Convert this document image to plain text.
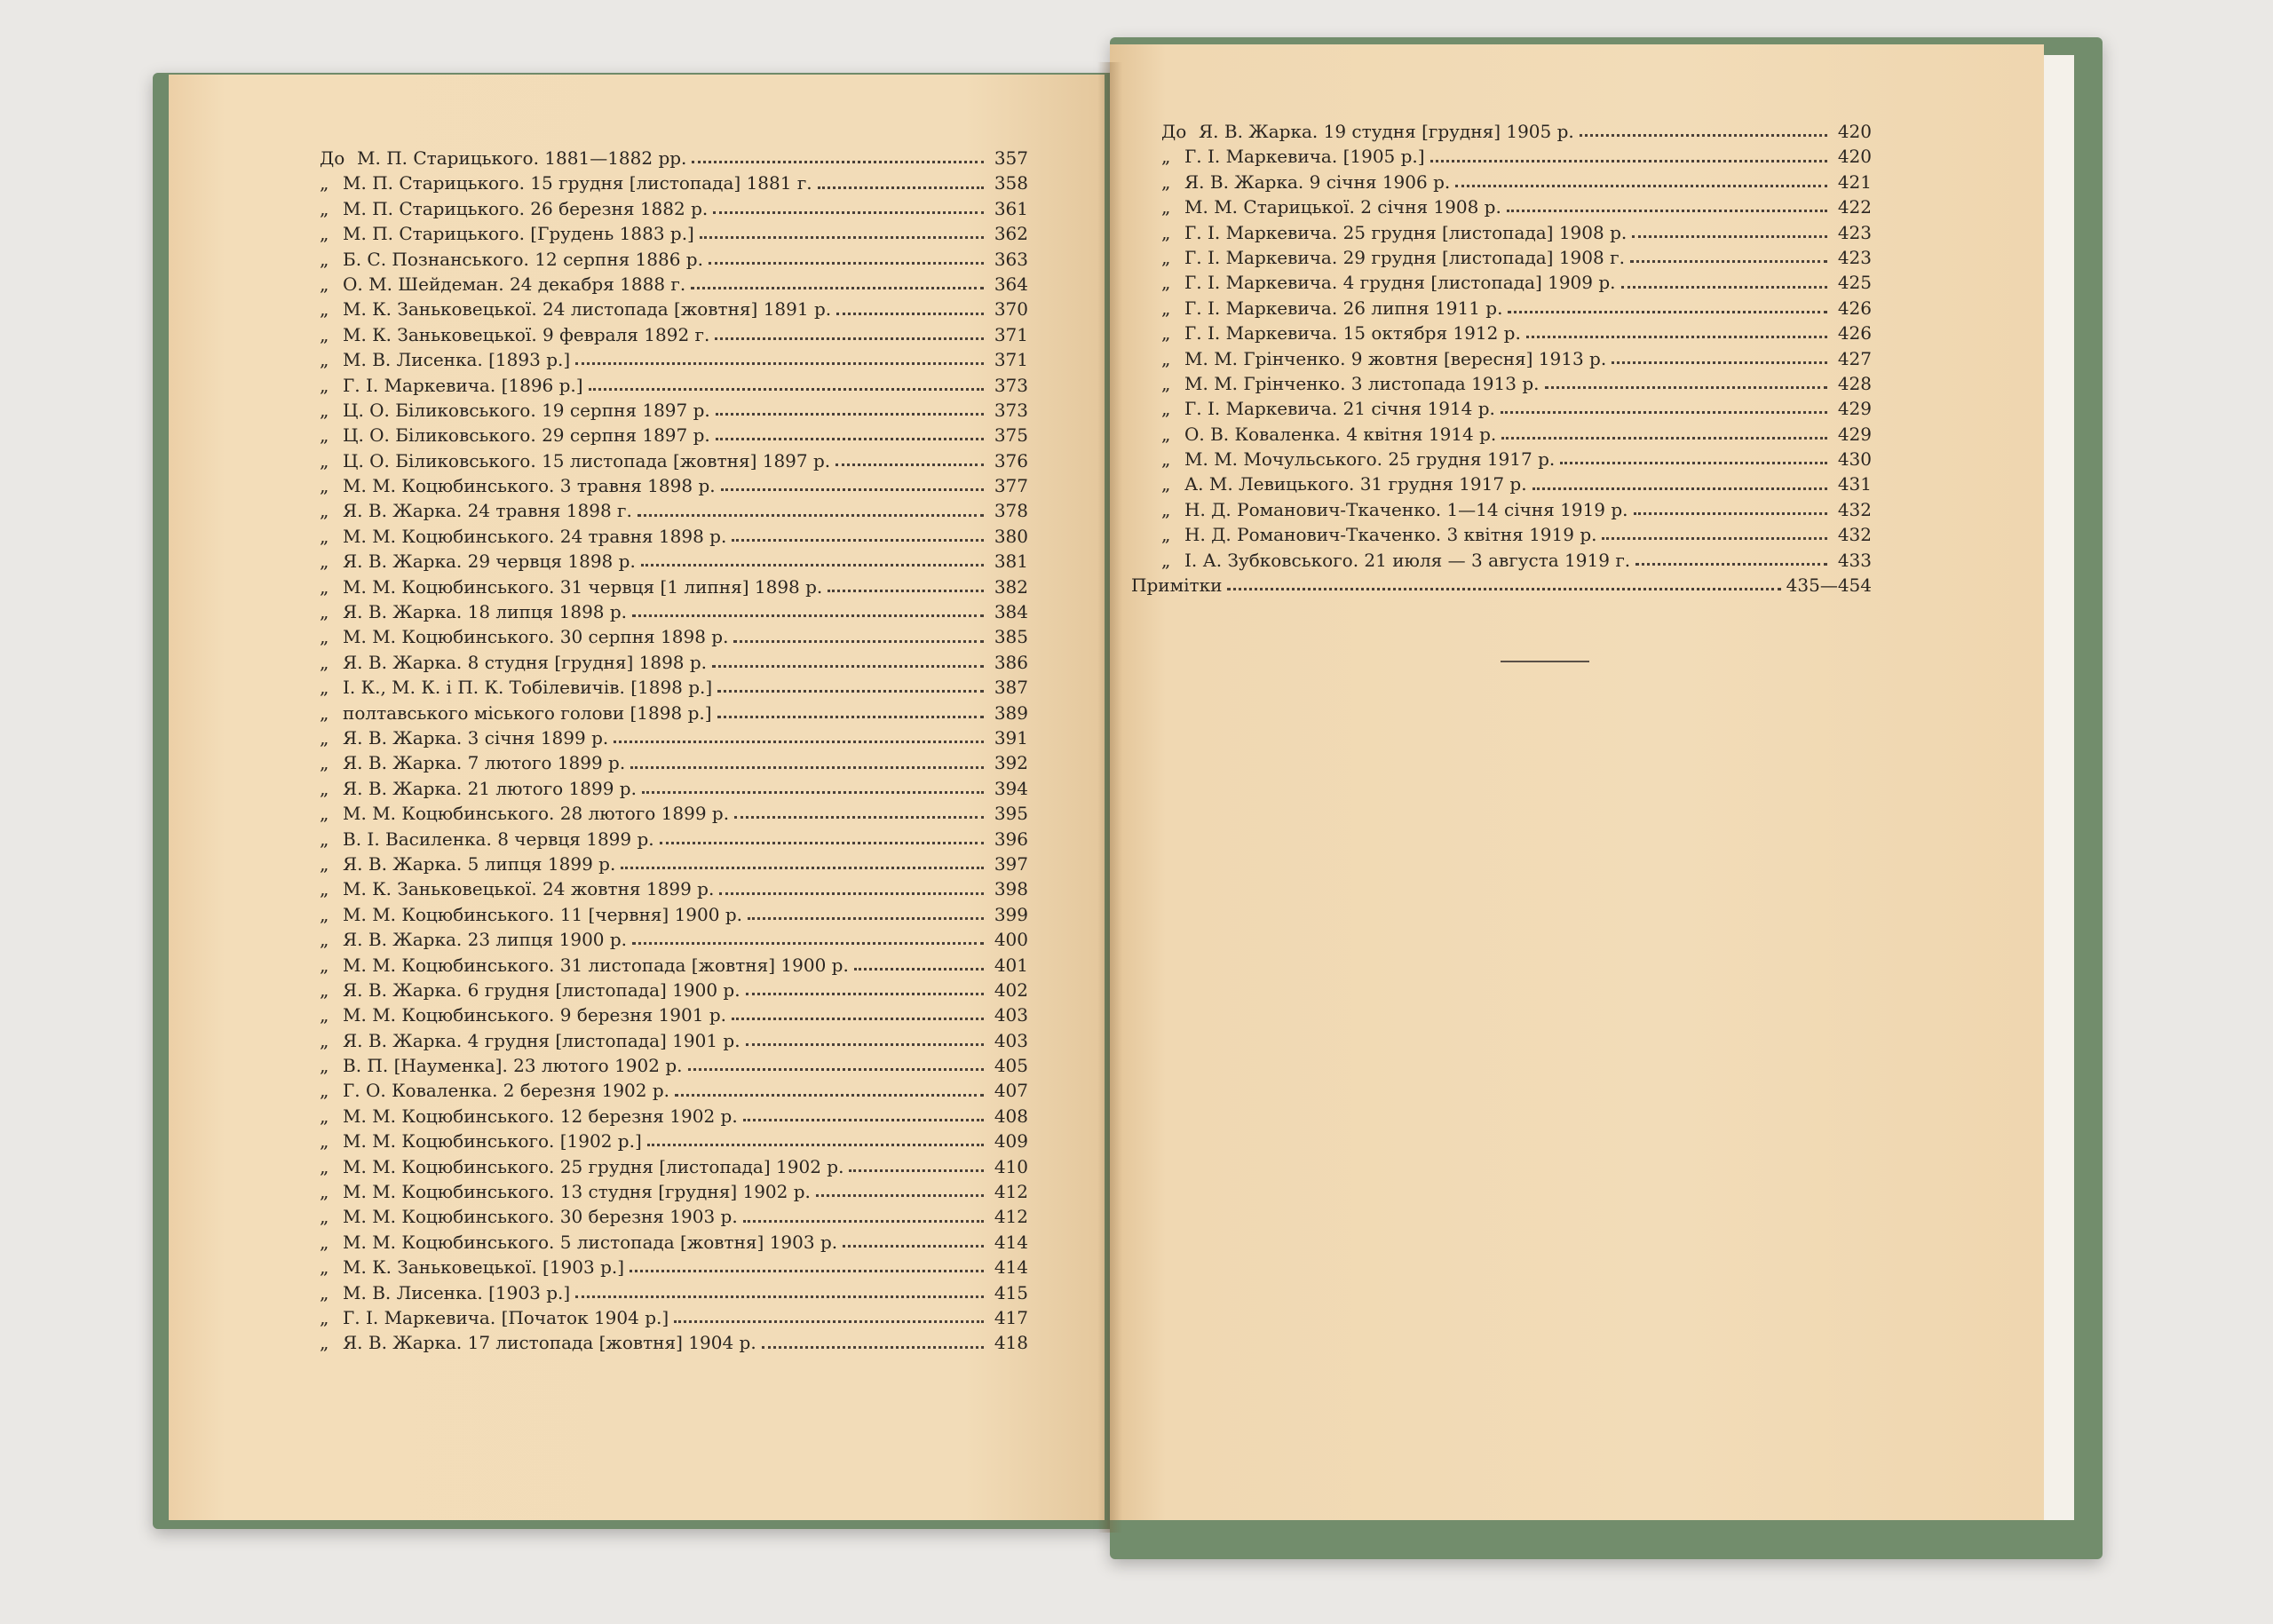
До М. П. Старицького. 1881—1882 рр.	357
„ М. П. Старицького. 15 грудня [листопада] 1881 г.	358
„ М. П. Старицького. 26 березня 1882 р.	361
„ М. П. Старицького. [Грудень 1883 р.]	362
„ Б. С. Познанського. 12 серпня 1886 р.	363
„ О. М. Шейдеман. 24 декабря 1888 г.	364
„ М. К. Заньковецької. 24 листопада [жовтня] 1891 р.	370
„ М. К. Заньковецької. 9 февраля 1892 г.	371
„ М. В. Лисенка. [1893 р.]	371
„ Г. І. Маркевича. [1896 р.]	373
„ Ц. О. Біликовського. 19 серпня 1897 р.	373
„ Ц. О. Біликовського. 29 серпня 1897 р.	375
„ Ц. О. Біликовського. 15 листопада [жовтня] 1897 р.	376
„ М. М. Коцюбинського. 3 травня 1898 р.	377
„ Я. В. Жарка. 24 травня 1898 г.	378
„ М. М. Коцюбинського. 24 травня 1898 р.	380
„ Я. В. Жарка. 29 червця 1898 р.	381
„ М. М. Коцюбинського. 31 червця [1 липня] 1898 р.	382
„ Я. В. Жарка. 18 липця 1898 р.	384
„ М. М. Коцюбинського. 30 серпня 1898 р.	385
„ Я. В. Жарка. 8 студня [грудня] 1898 р.	386
„ І. К., М. К. і П. К. Тобілевичів. [1898 р.]	387
„ полтавського міського голови [1898 р.]	389
„ Я. В. Жарка. 3 січня 1899 р.	391
„ Я. В. Жарка. 7 лютого 1899 р.	392
„ Я. В. Жарка. 21 лютого 1899 р.	394
„ М. М. Коцюбинського. 28 лютого 1899 р.	395
„ В. І. Василенка. 8 червця 1899 р.	396
„ Я. В. Жарка. 5 липця 1899 р.	397
„ М. К. Заньковецької. 24 жовтня 1899 р.	398
„ М. М. Коцюбинського. 11 [червня] 1900 р.	399
„ Я. В. Жарка. 23 липця 1900 р.	400
„ М. М. Коцюбинського. 31 листопада [жовтня] 1900 р.	401
„ Я. В. Жарка. 6 грудня [листопада] 1900 р.	402
„ М. М. Коцюбинського. 9 березня 1901 р.	403
„ Я. В. Жарка. 4 грудня [листопада] 1901 р.	403
„ В. П. [Науменка]. 23 лютого 1902 р.	405
„ Г. О. Коваленка. 2 березня 1902 р.	407
„ М. М. Коцюбинського. 12 березня 1902 р.	408
„ М. М. Коцюбинського. [1902 р.]	409
„ М. М. Коцюбинського. 25 грудня [листопада] 1902 р.	410
„ М. М. Коцюбинського. 13 студня [грудня] 1902 р.	412
„ М. М. Коцюбинського. 30 березня 1903 р.	412
„ М. М. Коцюбинського. 5 листопада [жовтня] 1903 р.	414
„ М. К. Заньковецької. [1903 р.]	414
„ М. В. Лисенка. [1903 р.]	415
„ Г. І. Маркевича. [Початок 1904 р.]	417
„ Я. В. Жарка. 17 листопада [жовтня] 1904 р.	418
До Я. В. Жарка. 19 студня [грудня] 1905 р.	420
„ Г. І. Маркевича. [1905 р.]	420
„ Я. В. Жарка. 9 січня 1906 р.	421
„ М. М. Старицької. 2 січня 1908 р.	422
„ Г. І. Маркевича. 25 грудня [листопада] 1908 р.	423
„ Г. І. Маркевича. 29 грудня [листопада] 1908 г.	423
„ Г. І. Маркевича. 4 грудня [листопада] 1909 р.	425
„ Г. І. Маркевича. 26 липня 1911 р.	426
„ Г. І. Маркевича. 15 октября 1912 р.	426
„ М. М. Грінченко. 9 жовтня [вересня] 1913 р.	427
„ М. М. Грінченко. 3 листопада 1913 р.	428
„ Г. І. Маркевича. 21 січня 1914 р.	429
„ О. В. Коваленка. 4 квітня 1914 р.	429
„ М. М. Мочульського. 25 грудня 1917 р.	430
„ А. М. Левицького. 31 грудня 1917 р.	431
„ Н. Д. Романович-Ткаченко. 1—14 січня 1919 р.	432
„ Н. Д. Романович-Ткаченко. 3 квітня 1919 р.	432
„ І. А. Зубковського. 21 июля — 3 августа 1919 г.	433
Примітки	435—454
